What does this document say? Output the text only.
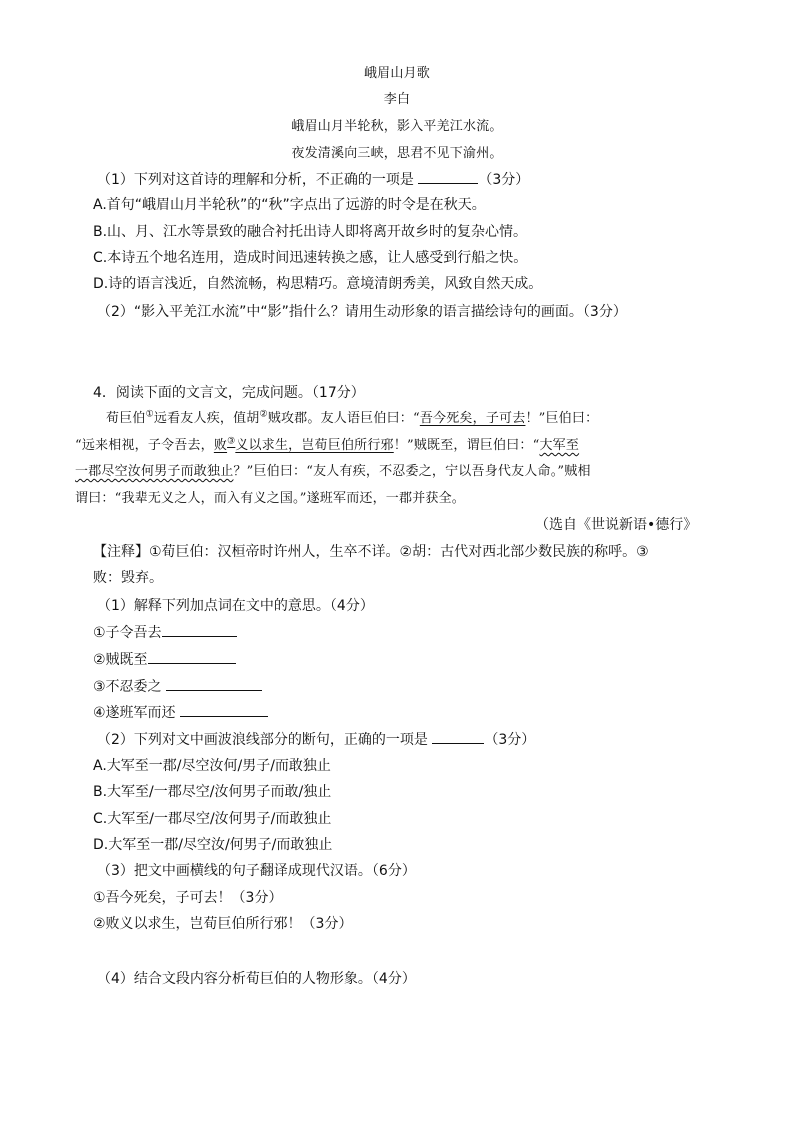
峨眉山月歌
李白
峨眉山月半轮秋，影入平羌江水流。
夜发清溪向三峡，思君不见下渝州。
（1）下列对这首诗的理解和分析，不正确的一项是	（3分）
A.首句“峨眉山月半轮秋”的“秋”字点出了远游的时令是在秋天。
B.山、月、江水等景致的融合衬托出诗人即将离开故乡时的复杂心情。
C.本诗五个地名连用，造成时间迅速转换之感，让人感受到行船之快。
D.诗的语言浅近，自然流畅，构思精巧。意境清朗秀美，风致自然天成。
（2）“影入平羌江水流”中“影”指什么？请用生动形象的语言描绘诗句的画面。（3分）
4．阅读下面的文言文，完成问题。（17分）
荀巨伯①远看友人疾，值胡②贼攻郡。友人语巨伯曰：“吾今死矣，子可去！”巨伯曰：
“远来相视，子令吾去，败③义以求生，岂荀巨伯所行邪！”贼既至，谓巨伯曰：“大军至
一郡尽空汝何男子而敢独止？”巨伯曰：“友人有疾，不忍委之，宁以吾身代友人命。”贼相
谓曰：“我辈无义之人，而入有义之国。”遂班军而还，一郡并获全。
（选自《世说新语•德行》
【注释】①荀巨伯：汉桓帝时许州人，生卒不详。②胡：古代对西北部少数民族的称呼。③
败：毁弃。
（1）解释下列加点词在文中的意思。（4分）
①子令吾去
②贼既至
③不忍委之
④遂班军而还
（2）下列对文中画波浪线部分的断句，正确的一项是	（3分）
A.大军至一郡/尽空汝何/男子/而敢独止
B.大军至/一郡尽空/汝何男子而敢/独止
C.大军至/一郡尽空/汝何男子/而敢独止
D.大军至一郡/尽空汝/何男子/而敢独止
（3）把文中画横线的句子翻译成现代汉语。（6分）
①吾今死矣，子可去！（3分）
②败义以求生，岂荀巨伯所行邪！（3分）
（4）结合文段内容分析荀巨伯的人物形象。（4分）
